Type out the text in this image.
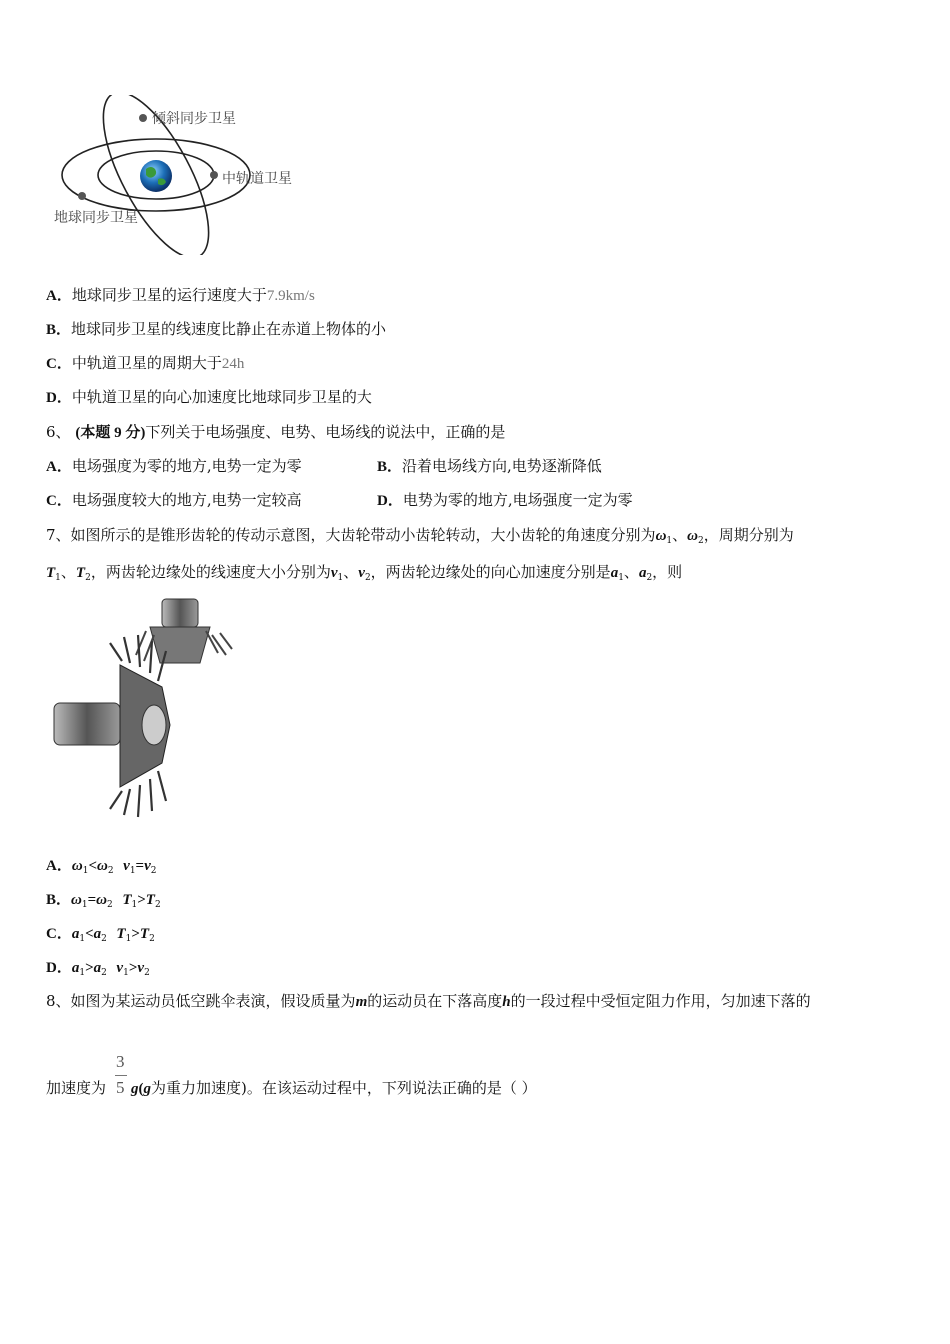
倾斜同步卫星
中轨道卫星
地球同步卫星
A．地球同步卫星的运行速度大于7.9km/s
B．地球同步卫星的线速度比静止在赤道上物体的小
C．中轨道卫星的周期大于24h
D．中轨道卫星的向心加速度比地球同步卫星的大
6、 (本题 9 分)下列关于电场强度、电势、电场线的说法中，正确的是
A．电场强度为零的地方,电势一定为零	B．沿着电场线方向,电势逐渐降低
C．电场强度较大的地方,电势一定较高	D．电势为零的地方,电场强度一定为零
7、如图所示的是锥形齿轮的传动示意图，大齿轮带动小齿轮转动，大小齿轮的角速度分别为$\omega_1$、$\omega_2$，周期分别为
$T_1$、$T_2$，两齿轮边缘处的线速度大小分别为$v_1$、$v_2$，两齿轮边缘处的向心加速度分别是$a_1$、$a_2$，则
A．$\omega_1<\omega_2$ $v_1=v_2$
B．$\omega_1=\omega_2$ $T_1>T_2$
C．$a_1<a_2$ $T_1>T_2$
D．$a_1>a_2$ $v_1>v_2$
8、如图为某运动员低空跳伞表演，假设质量为m的运动员在下落高度h的一段过程中受恒定阻力作用，匀加速下落的
3
5
加速度为 g(g为重力加速度)。在该运动过程中，下列说法正确的是（ ）
